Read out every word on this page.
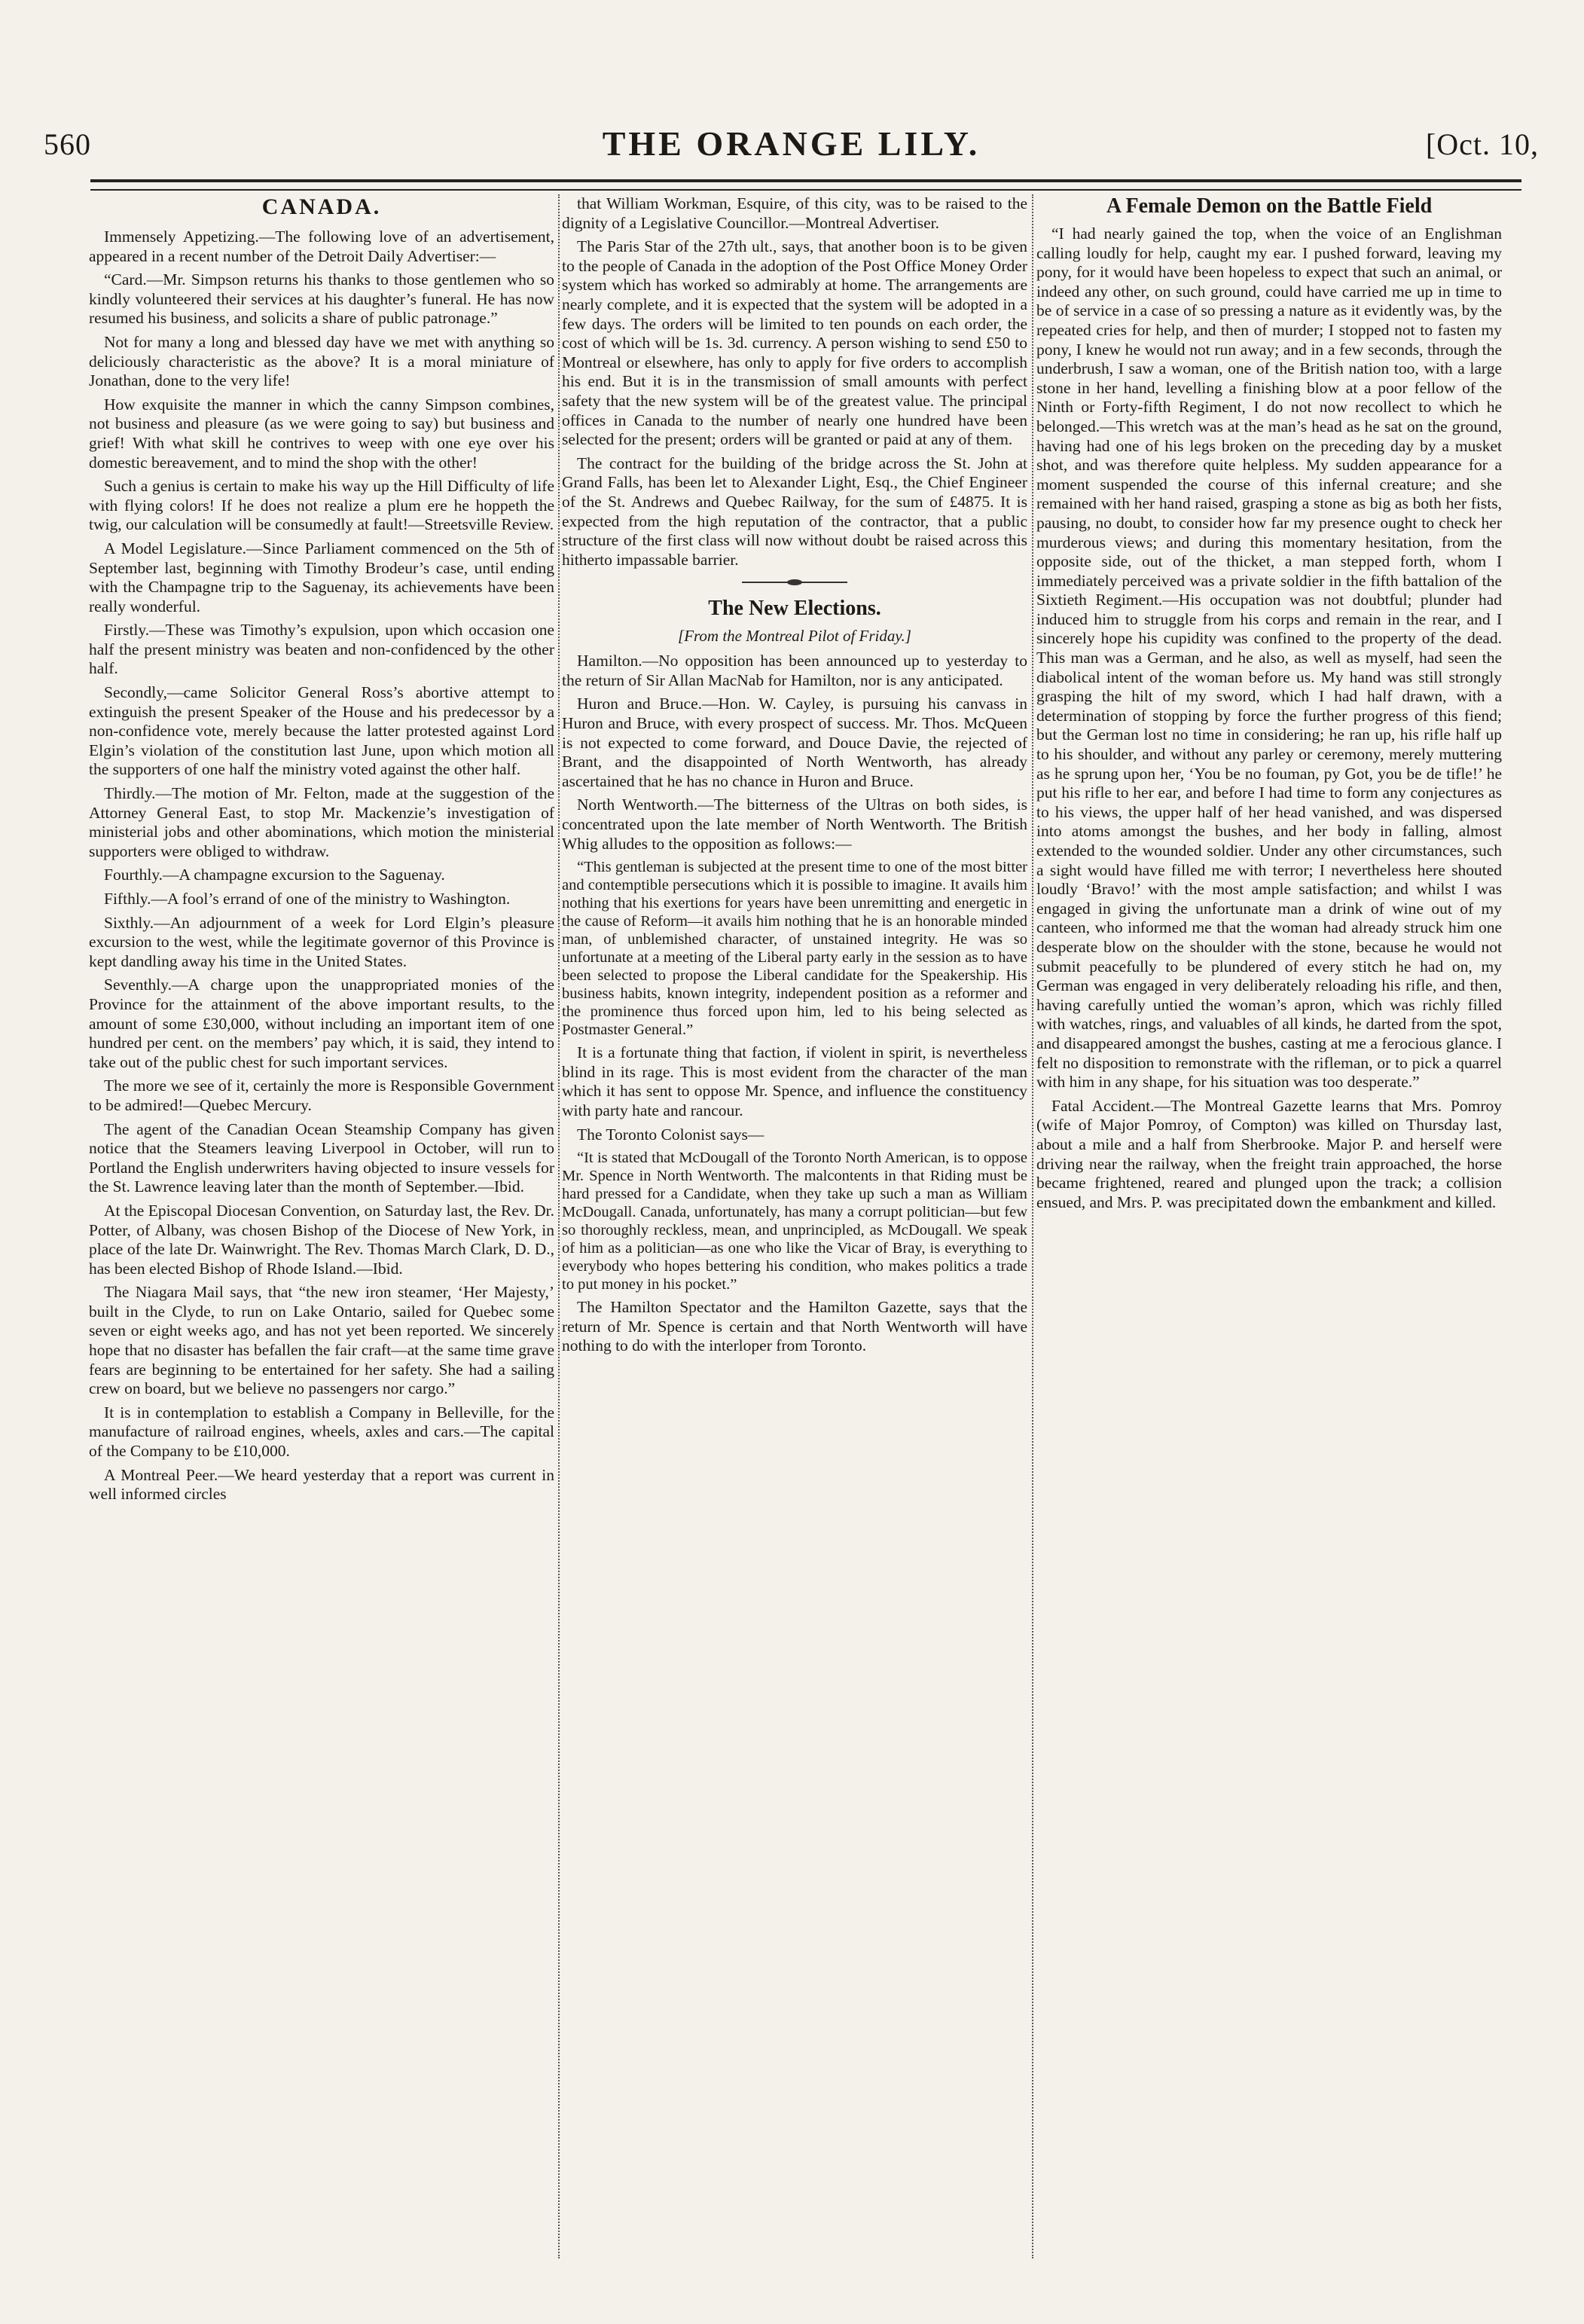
560	THE ORANGE LILY.	[Oct. 10,
CANADA.

Immensely Appetizing.—The following love of an advertisement, appeared in a recent number of the Detroit Daily Advertiser:—

“Card.—Mr. Simpson returns his thanks to those gentlemen who so kindly volunteered their services at his daughter’s funeral. He has now resumed his business, and solicits a share of public patronage.”

Not for many a long and blessed day have we met with anything so deliciously characteristic as the above? It is a moral miniature of Jonathan, done to the very life!

How exquisite the manner in which the canny Simpson combines, not business and pleasure (as we were going to say) but business and grief! With what skill he contrives to weep with one eye over his domestic bereavement, and to mind the shop with the other!

Such a genius is certain to make his way up the Hill Difficulty of life with flying colors! If he does not realize a plum ere he hoppeth the twig, our calculation will be consumedly at fault!—Streetsville Review.

A Model Legislature.—Since Parliament commenced on the 5th of September last, beginning with Timothy Brodeur’s case, until ending with the Champagne trip to the Saguenay, its achievements have been really wonderful.

Firstly.—These was Timothy’s expulsion, upon which occasion one half the present ministry was beaten and non-confidenced by the other half.

Secondly,—came Solicitor General Ross’s abortive attempt to extinguish the present Speaker of the House and his predecessor by a non-confidence vote, merely because the latter protested against Lord Elgin’s violation of the constitution last June, upon which motion all the supporters of one half the ministry voted against the other half.

Thirdly.—The motion of Mr. Felton, made at the suggestion of the Attorney General East, to stop Mr. Mackenzie’s investigation of ministerial jobs and other abominations, which motion the ministerial supporters were obliged to withdraw.

Fourthly.—A champagne excursion to the Saguenay.

Fifthly.—A fool’s errand of one of the ministry to Washington.

Sixthly.—An adjournment of a week for Lord Elgin’s pleasure excursion to the west, while the legitimate governor of this Province is kept dandling away his time in the United States.

Seventhly.—A charge upon the unappropriated monies of the Province for the attainment of the above important results, to the amount of some £30,000, without including an important item of one hundred per cent. on the members’ pay which, it is said, they intend to take out of the public chest for such important services.

The more we see of it, certainly the more is Responsible Government to be admired!—Quebec Mercury.

The agent of the Canadian Ocean Steamship Company has given notice that the Steamers leaving Liverpool in October, will run to Portland the English underwriters having objected to insure vessels for the St. Lawrence leaving later than the month of September.—Ibid.

At the Episcopal Diocesan Convention, on Saturday last, the Rev. Dr. Potter, of Albany, was chosen Bishop of the Diocese of New York, in place of the late Dr. Wainwright. The Rev. Thomas March Clark, D. D., has been elected Bishop of Rhode Island.—Ibid.

The Niagara Mail says, that “the new iron steamer, ‘Her Majesty,’ built in the Clyde, to run on Lake Ontario, sailed for Quebec some seven or eight weeks ago, and has not yet been reported. We sincerely hope that no disaster has befallen the fair craft—at the same time grave fears are beginning to be entertained for her safety. She had a sailing crew on board, but we believe no passengers nor cargo.”

It is in contemplation to establish a Company in Belleville, for the manufacture of railroad engines, wheels, axles and cars.—The capital of the Company to be £10,000.

A Montreal Peer.—We heard yesterday that a report was current in well informed circles

that William Workman, Esquire, of this city, was to be raised to the dignity of a Legislative Councillor.—Montreal Advertiser.

The Paris Star of the 27th ult., says, that another boon is to be given to the people of Canada in the adoption of the Post Office Money Order system which has worked so admirably at home. The arrangements are nearly complete, and it is expected that the system will be adopted in a few days. The orders will be limited to ten pounds on each order, the cost of which will be 1s. 3d. currency. A person wishing to send £50 to Montreal or elsewhere, has only to apply for five orders to accomplish his end. But it is in the transmission of small amounts with perfect safety that the new system will be of the greatest value. The principal offices in Canada to the number of nearly one hundred have been selected for the present; orders will be granted or paid at any of them.

The contract for the building of the bridge across the St. John at Grand Falls, has been let to Alexander Light, Esq., the Chief Engineer of the St. Andrews and Quebec Railway, for the sum of £4875. It is expected from the high reputation of the contractor, that a public structure of the first class will now without doubt be raised across this hitherto impassable barrier.

The New Elections.
[From the Montreal Pilot of Friday.]

Hamilton.—No opposition has been announced up to yesterday to the return of Sir Allan MacNab for Hamilton, nor is any anticipated.

Huron and Bruce.—Hon. W. Cayley, is pursuing his canvass in Huron and Bruce, with every prospect of success. Mr. Thos. McQueen is not expected to come forward, and Douce Davie, the rejected of Brant, and the disappointed of North Wentworth, has already ascertained that he has no chance in Huron and Bruce.

North Wentworth.—The bitterness of the Ultras on both sides, is concentrated upon the late member of North Wentworth. The British Whig alludes to the opposition as follows:—

“This gentleman is subjected at the present time to one of the most bitter and contemptible persecutions which it is possible to imagine. It avails him nothing that his exertions for years have been unremitting and energetic in the cause of Reform—it avails him nothing that he is an honorable minded man, of unblemished character, of unstained integrity. He was so unfortunate at a meeting of the Liberal party early in the session as to have been selected to propose the Liberal candidate for the Speakership. His business habits, known integrity, independent position as a reformer and the prominence thus forced upon him, led to his being selected as Postmaster General.”

It is a fortunate thing that faction, if violent in spirit, is nevertheless blind in its rage. This is most evident from the character of the man which it has sent to oppose Mr. Spence, and influence the constituency with party hate and rancour.

The Toronto Colonist says—

“It is stated that McDougall of the Toronto North American, is to oppose Mr. Spence in North Wentworth. The malcontents in that Riding must be hard pressed for a Candidate, when they take up such a man as William McDougall. Canada, unfortunately, has many a corrupt politician—but few so thoroughly reckless, mean, and unprincipled, as McDougall. We speak of him as a politician—as one who like the Vicar of Bray, is everything to everybody who hopes bettering his condition, who makes politics a trade to put money in his pocket.”

The Hamilton Spectator and the Hamilton Gazette, says that the return of Mr. Spence is certain and that North Wentworth will have nothing to do with the interloper from Toronto.

A Female Demon on the Battle Field

“I had nearly gained the top, when the voice of an Englishman calling loudly for help, caught my ear. I pushed forward, leaving my pony, for it would have been hopeless to expect that such an animal, or indeed any other, on such ground, could have carried me up in time to be of service in a case of so pressing a nature as it evidently was, by the repeated cries for help, and then of murder; I stopped not to fasten my pony, I knew he would not run away; and in a few seconds, through the underbrush, I saw a woman, one of the British nation too, with a large stone in her hand, levelling a finishing blow at a poor fellow of the Ninth or Forty-fifth Regiment, I do not now recollect to which he belonged.—This wretch was at the man’s head as he sat on the ground, having had one of his legs broken on the preceding day by a musket shot, and was therefore quite helpless. My sudden appearance for a moment suspended the course of this infernal creature; and she remained with her hand raised, grasping a stone as big as both her fists, pausing, no doubt, to consider how far my presence ought to check her murderous views; and during this momentary hesitation, from the opposite side, out of the thicket, a man stepped forth, whom I immediately perceived was a private soldier in the fifth battalion of the Sixtieth Regiment.—His occupation was not doubtful; plunder had induced him to struggle from his corps and remain in the rear, and I sincerely hope his cupidity was confined to the property of the dead. This man was a German, and he also, as well as myself, had seen the diabolical intent of the woman before us. My hand was still strongly grasping the hilt of my sword, which I had half drawn, with a determination of stopping by force the further progress of this fiend; but the German lost no time in considering; he ran up, his rifle half up to his shoulder, and without any parley or ceremony, merely muttering as he sprung upon her, ‘You be no fouman, py Got, you be de tifle!’ he put his rifle to her ear, and before I had time to form any conjectures as to his views, the upper half of her head vanished, and was dispersed into atoms amongst the bushes, and her body in falling, almost extended to the wounded soldier. Under any other circumstances, such a sight would have filled me with terror; I nevertheless here shouted loudly ‘Bravo!’ with the most ample satisfaction; and whilst I was engaged in giving the unfortunate man a drink of wine out of my canteen, who informed me that the woman had already struck him one desperate blow on the shoulder with the stone, because he would not submit peacefully to be plundered of every stitch he had on, my German was engaged in very deliberately reloading his rifle, and then, having carefully untied the woman’s apron, which was richly filled with watches, rings, and valuables of all kinds, he darted from the spot, and disappeared amongst the bushes, casting at me a ferocious glance. I felt no disposition to remonstrate with the rifleman, or to pick a quarrel with him in any shape, for his situation was too desperate.”

Fatal Accident.—The Montreal Gazette learns that Mrs. Pomroy (wife of Major Pomroy, of Compton) was killed on Thursday last, about a mile and a half from Sherbrooke. Major P. and herself were driving near the railway, when the freight train approached, the horse became frightened, reared and plunged upon the track; a collision ensued, and Mrs. P. was precipitated down the embankment and killed.
